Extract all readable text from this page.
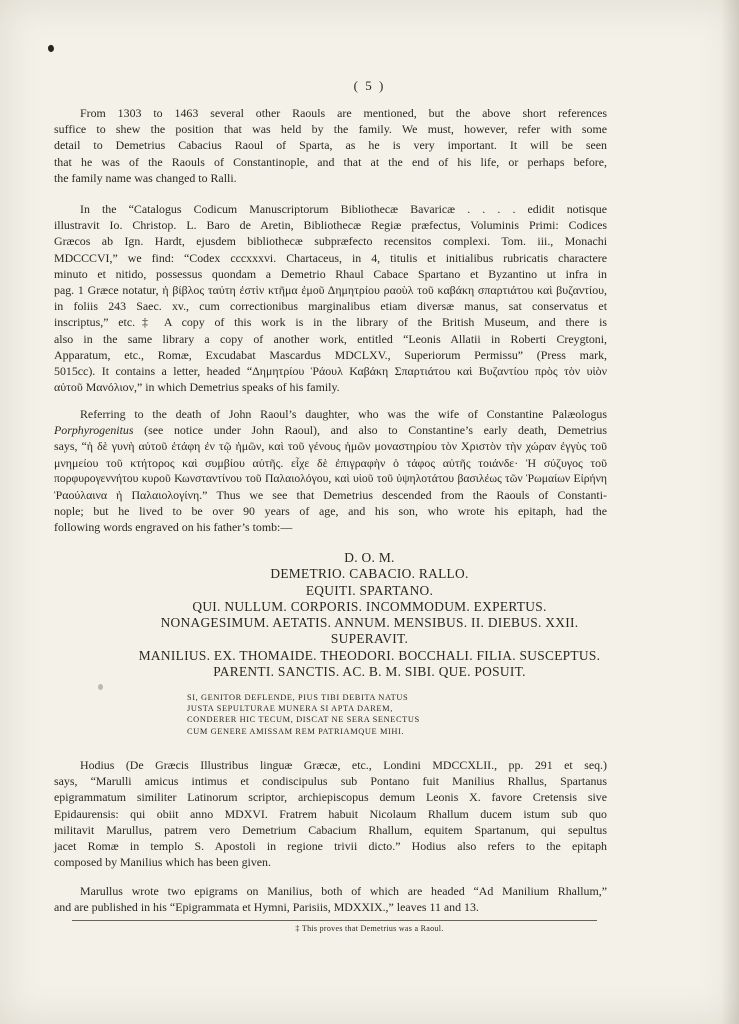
( 5 )
From 1303 to 1463 several other Raouls are mentioned, but the above short references
suffice to shew the position that was held by the family. We must, however, refer with some
detail to Demetrius Cabacius Raoul of Sparta, as he is very important. It will be seen
that he was of the Raouls of Constantinople, and that at the end of his life, or perhaps before,
the family name was changed to Ralli.
In the “Catalogus Codicum Manuscriptorum Bibliothecæ Bavaricæ . . . . edidit notisque
illustravit Io. Christop. L. Baro de Aretin, Bibliothecæ Regiæ præfectus, Voluminis Primi: Codices
Græcos ab Ign. Hardt, ejusdem bibliothecæ subpræfecto recensitos complexi. Tom. iii., Monachi
MDCCCVI,” we find: “Codex cccxxxvi. Chartaceus, in 4, titulis et initialibus rubricatis charactere
minuto et nitido, possessus quondam a Demetrio Rhaul Cabace Spartano et Byzantino ut infra in
pag. 1 Græce notatur, ἡ βίβλος ταύτη ἐστὶν κτῆμα ἐμοῦ Δημητρίου ραοὺλ τοῦ καβάκη σπαρτιάτου καὶ βυζαντίου,
in foliis 243 Saec. xv., cum correctionibus marginalibus etiam diversæ manus, sat conservatus et
inscriptus,” etc.‡ A copy of this work is in the library of the British Museum, and there is
also in the same library a copy of another work, entitled “Leonis Allatii in Roberti Creygtoni,
Apparatum, etc., Romæ, Excudabat Mascardus MDCLXV., Superiorum Permissu” (Press mark,
5015cc). It contains a letter, headed “Δημητρίου Ῥάουλ Καβάκη Σπαρτιάτου καὶ Βυζαντίου πρὸς τὸν υἱὸν
αὐτοῦ Μανόλιον,” in which Demetrius speaks of his family.
Referring to the death of John Raoul’s daughter, who was the wife of Constantine Palæologus
Porphyrogenitus (see notice under John Raoul), and also to Constantine’s early death, Demetrius
says, “ἡ δὲ γυνὴ αὐτοῦ ἐτάφη ἐν τῷ ἡμῶν, καὶ τοῦ γένους ἡμῶν μοναστηρίου τὸν Χριστὸν τὴν χώραν ἐγγὺς τοῦ
μνημείου τοῦ κτήτορος καὶ συμβίου αὐτῆς. εἶχε δὲ ἐπιγραφὴν ὁ τάφος αὐτῆς τοιάνδε· Ἡ σύζυγος τοῦ
πορφυρογεννήτου κυροῦ Κωνσταντίνου τοῦ Παλαιολόγου, καὶ υἱοῦ τοῦ ὑψηλοτάτου βασιλέως τῶν Ῥωμαίων Εἰρήνη
Ῥαούλαινα ἡ Παλαιολογίνη.” Thus we see that Demetrius descended from the Raouls of Constanti-
nople; but he lived to be over 90 years of age, and his son, who wrote his epitaph, had the
following words engraved on his father’s tomb:—
D. O. M.
DEMETRIO. CABACIO. RALLO.
EQUITI. SPARTANO.
QUI. NULLUM. CORPORIS. INCOMMODUM. EXPERTUS.
NONAGESIMUM. AETATIS. ANNUM. MENSIBUS. II. DIEBUS. XXII.
SUPERAVIT.
MANILIUS. EX. THOMAIDE. THEODORI. BOCCHALI. FILIA. SUSCEPTUS.
PARENTI. SANCTIS. AC. B. M. SIBI. QUE. POSUIT.
SI, GENITOR DEFLENDE, PIUS TIBI DEBITA NATUS
JUSTA SEPULTURAE MUNERA SI APTA DAREM,
CONDERER HIC TECUM, DISCAT NE SERA SENECTUS
CUM GENERE AMISSAM REM PATRIAMQUE MIHI.
Hodius (De Græcis Illustribus linguæ Græcæ, etc., Londini MDCCXLII., pp. 291 et seq.)
says, “Marulli amicus intimus et condiscipulus sub Pontano fuit Manilius Rhallus, Spartanus
epigrammatum similiter Latinorum scriptor, archiepiscopus demum Leonis X. favore Cretensis sive
Epidaurensis: qui obiit anno MDXVI. Fratrem habuit Nicolaum Rhallum ducem istum sub quo
militavit Marullus, patrem vero Demetrium Cabacium Rhallum, equitem Spartanum, qui sepultus
jacet Romæ in templo S. Apostoli in regione trivii dicto.” Hodius also refers to the epitaph
composed by Manilius which has been given.
Marullus wrote two epigrams on Manilius, both of which are headed “Ad Manilium Rhallum,”
and are published in his “Epigrammata et Hymni, Parisiis, MDXXIX.,” leaves 11 and 13.
‡ This proves that Demetrius was a Raoul.
